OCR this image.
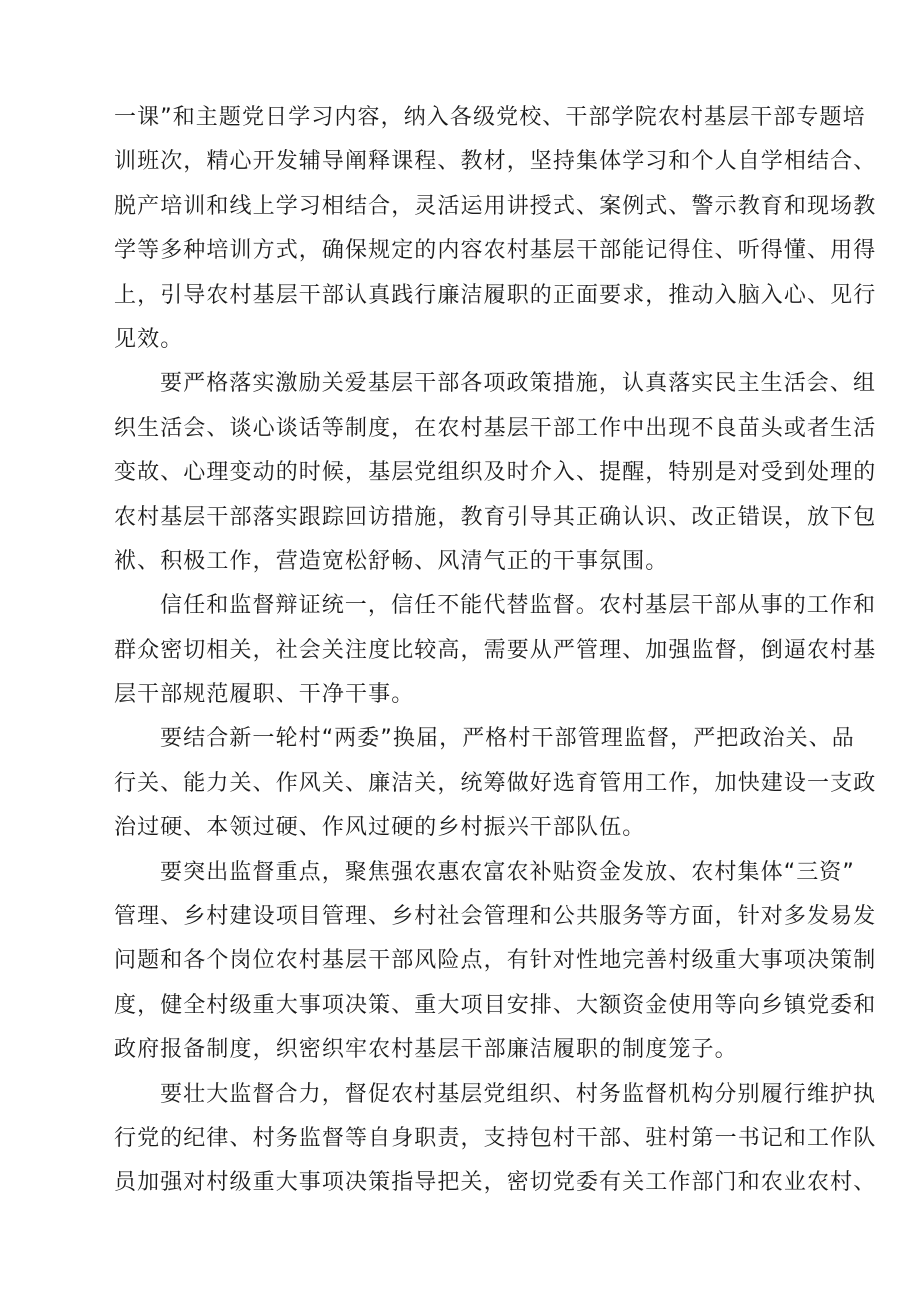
一课”和主题党日学习内容，纳入各级党校、干部学院农村基层干部专题培
训班次，精心开发辅导阐释课程、教材，坚持集体学习和个人自学相结合、
脱产培训和线上学习相结合，灵活运用讲授式、案例式、警示教育和现场教
学等多种培训方式，确保规定的内容农村基层干部能记得住、听得懂、用得
上，引导农村基层干部认真践行廉洁履职的正面要求，推动入脑入心、见行
见效。
要严格落实激励关爱基层干部各项政策措施，认真落实民主生活会、组
织生活会、谈心谈话等制度，在农村基层干部工作中出现不良苗头或者生活
变故、心理变动的时候，基层党组织及时介入、提醒，特别是对受到处理的
农村基层干部落实跟踪回访措施，教育引导其正确认识、改正错误，放下包
袱、积极工作，营造宽松舒畅、风清气正的干事氛围。
信任和监督辩证统一，信任不能代替监督。农村基层干部从事的工作和
群众密切相关，社会关注度比较高，需要从严管理、加强监督，倒逼农村基
层干部规范履职、干净干事。
要结合新一轮村“两委”换届，严格村干部管理监督，严把政治关、品
行关、能力关、作风关、廉洁关，统筹做好选育管用工作，加快建设一支政
治过硬、本领过硬、作风过硬的乡村振兴干部队伍。
要突出监督重点，聚焦强农惠农富农补贴资金发放、农村集体“三资”
管理、乡村建设项目管理、乡村社会管理和公共服务等方面，针对多发易发
问题和各个岗位农村基层干部风险点，有针对性地完善村级重大事项决策制
度，健全村级重大事项决策、重大项目安排、大额资金使用等向乡镇党委和
政府报备制度，织密织牢农村基层干部廉洁履职的制度笼子。
要壮大监督合力，督促农村基层党组织、村务监督机构分别履行维护执
行党的纪律、村务监督等自身职责，支持包村干部、驻村第一书记和工作队
员加强对村级重大事项决策指导把关，密切党委有关工作部门和农业农村、
